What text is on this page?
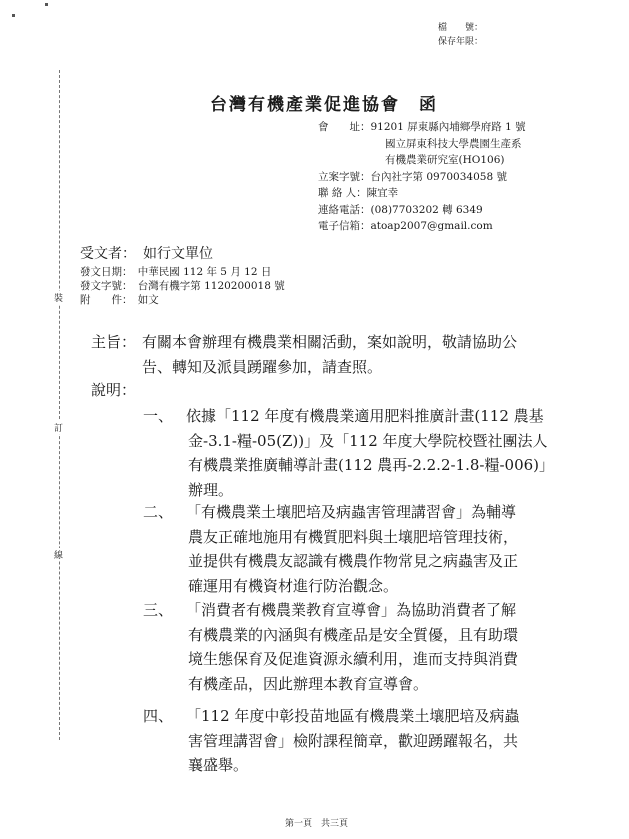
裝
訂
線
檔　　號：
保存年限：
台灣有機產業促進協會　函
會　　址：91201 屏東縣內埔鄉學府路 1 號
國立屏東科技大學農園生產系
有機農業研究室(HO106)
立案字號：台內社字第 0970034058 號
聯 絡 人：陳宜幸
連絡電話：(08)7703202 轉 6349
電子信箱：atoap2007@gmail.com
受文者：　如行文單位
發文日期：　中華民國 112 年 5 月 12 日
發文字號：　台灣有機字第 1120200018 號
附　　件：　如文
主旨： 有關本會辦理有機農業相關活動，案如說明，敬請協助公
告、轉知及派員踴躍參加，請查照。
說明：
一、 依據「112 年度有機農業適用肥料推廣計畫(112 農基
金-3.1-糧-05(Z))」及「112 年度大學院校暨社團法人
有機農業推廣輔導計畫(112 農再-2.2.2-1.8-糧-006)」
辦理。
二、 「有機農業土壤肥培及病蟲害管理講習會」為輔導
農友正確地施用有機質肥料與土壤肥培管理技術，
並提供有機農友認識有機農作物常見之病蟲害及正
確運用有機資材進行防治觀念。
三、 「消費者有機農業教育宣導會」為協助消費者了解
有機農業的內涵與有機產品是安全質優，且有助環
境生態保育及促進資源永續利用，進而支持與消費
有機產品，因此辦理本教育宣導會。
四、 「112 年度中彰投苗地區有機農業土壤肥培及病蟲
害管理講習會」檢附課程簡章，歡迎踴躍報名，共
襄盛舉。
第一頁　共三頁
